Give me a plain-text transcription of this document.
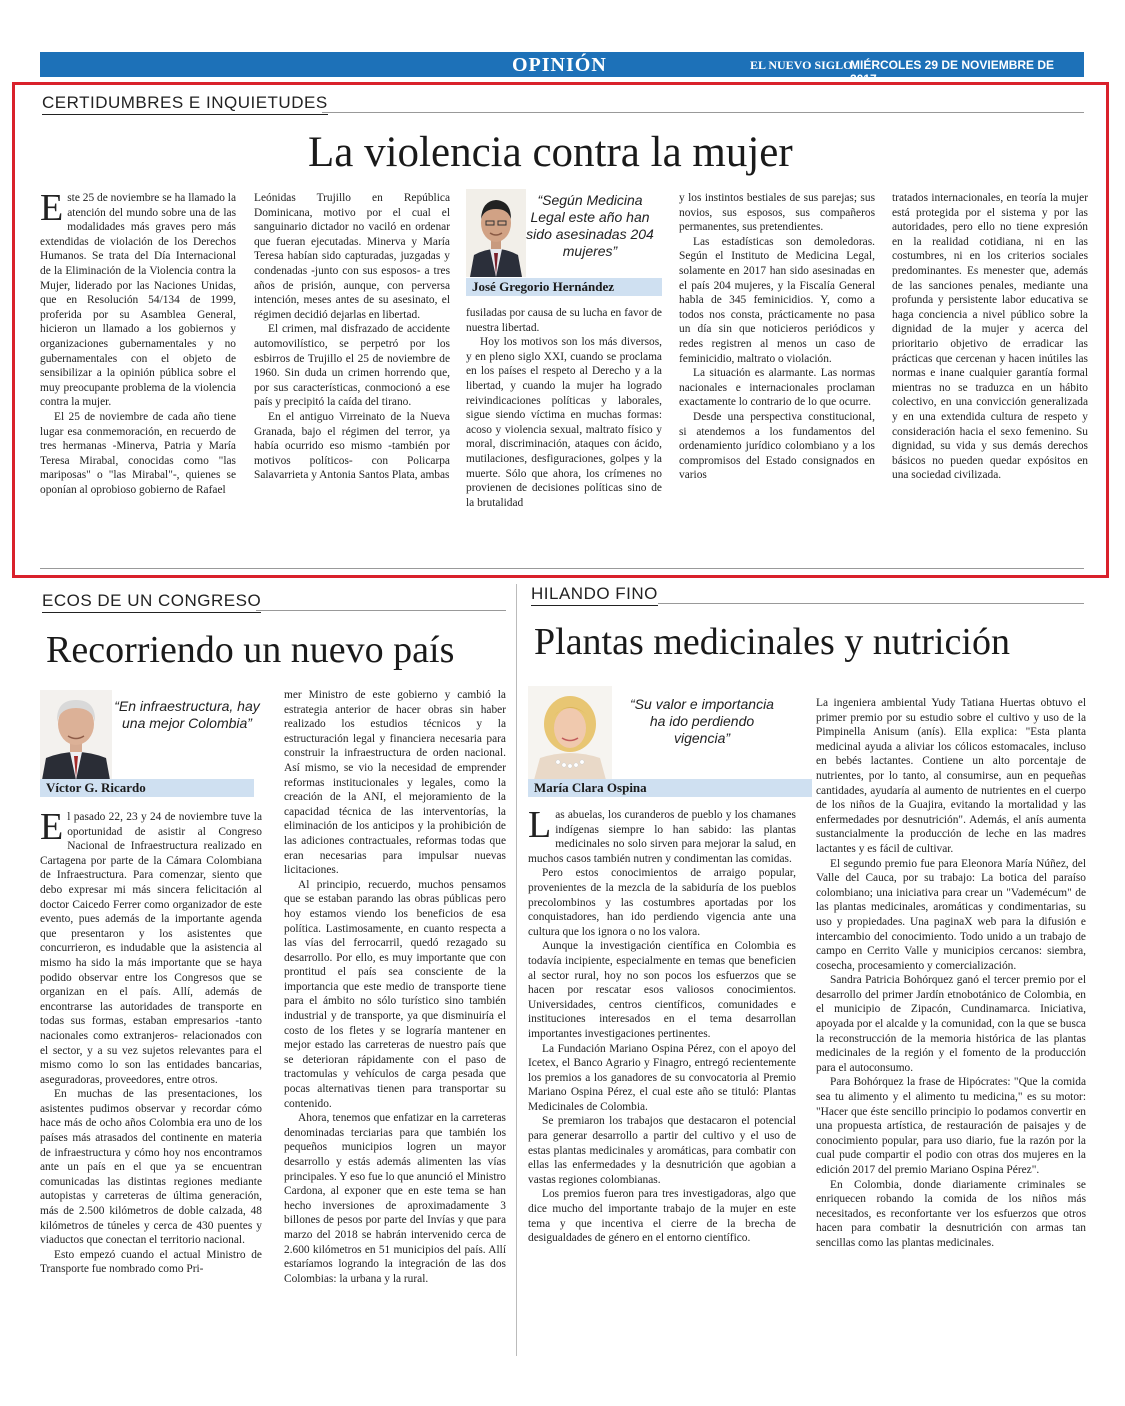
OPINIÓN	EL NUEVO SIGLO
MIÉRCOLES 29 DE NOVIEMBRE DE 2017
9A
CERTIDUMBRES E INQUIETUDES
La violencia contra la mujer
E ste 25 de noviembre se ha llamado la atención del mundo sobre una de las modalidades más graves pero más extendidas de violación de los Derechos Humanos. Se trata del Día Internacional de la Eliminación de la Violencia contra la Mujer, liderado por las Naciones Unidas, que en Resolución 54/134 de 1999, proferida por su Asamblea General, hicieron un llamado a los gobiernos y organizaciones gubernamentales y no gubernamentales con el objeto de sensibilizar a la opinión pública sobre el muy preocupante problema de la violencia contra la mujer.

El 25 de noviembre de cada año tiene lugar esa conmemoración, en recuerdo de tres hermanas -Minerva, Patria y María Teresa Mirabal, conocidas como "las mariposas" o "las Mirabal"-, quienes se oponían al oprobioso gobierno de Rafael

Leónidas Trujillo en República Dominicana, motivo por el cual el sanguinario dictador no vaciló en ordenar que fueran ejecutadas. Minerva y María Teresa habían sido capturadas, juzgadas y condenadas -junto con sus esposos- a tres años de prisión, aunque, con perversa intención, meses antes de su asesinato, el régimen decidió dejarlas en libertad.

El crimen, mal disfrazado de accidente automovilístico, se perpetró por los esbirros de Trujillo el 25 de noviembre de 1960. Sin duda un crimen horrendo que, por sus características, conmocionó a ese país y precipitó la caída del tirano.

En el antiguo Virreinato de la Nueva Granada, bajo el régimen del terror, ya había ocurrido eso mismo -también por motivos políticos- con Policarpa Salavarrieta y Antonia Santos Plata, ambas

“Según Medicina Legal este año han sido asesinadas 204 mujeres”
José Gregorio Hernández

fusiladas por causa de su lucha en favor de nuestra libertad.

Hoy los motivos son los más diversos, y en pleno siglo XXI, cuando se proclama en los países el respeto al Derecho y a la libertad, y cuando la mujer ha logrado reivindicaciones políticas y laborales, sigue siendo víctima en muchas formas: acoso y violencia sexual, maltrato físico y moral, discriminación, ataques con ácido, mutilaciones, desfiguraciones, golpes y la muerte. Sólo que ahora, los crímenes no provienen de decisiones políticas sino de la brutalidad

y los instintos bestiales de sus parejas; sus novios, sus esposos, sus compañeros permanentes, sus pretendientes.

Las estadísticas son demoledoras. Según el Instituto de Medicina Legal, solamente en 2017 han sido asesinadas en el país 204 mujeres, y la Fiscalía General habla de 345 feminicidios. Y, como a todos nos consta, prácticamente no pasa un día sin que noticieros periódicos y redes registren al menos un caso de feminicidio, maltrato o violación.

La situación es alarmante. Las normas nacionales e internacionales proclaman exactamente lo contrario de lo que ocurre.

Desde una perspectiva constitucional, si atendemos a los fundamentos del ordenamiento jurídico colombiano y a los compromisos del Estado consignados en varios

tratados internacionales, en teoría la mujer está protegida por el sistema y por las autoridades, pero ello no tiene expresión en la realidad cotidiana, ni en las costumbres, ni en los criterios sociales predominantes. Es menester que, además de las sanciones penales, mediante una profunda y persistente labor educativa se haga conciencia a nivel público sobre la dignidad de la mujer y acerca del prioritario objetivo de erradicar las prácticas que cercenan y hacen inútiles las normas e inane cualquier garantía formal mientras no se traduzca en un hábito colectivo, en una convicción generalizada y en una extendida cultura de respeto y consideración hacia el sexo femenino. Su dignidad, su vida y sus demás derechos básicos no pueden quedar expósitos en una sociedad civilizada.

ECOS DE UN CONGRESO
Recorriendo un nuevo país
“En infraestructura, hay una mejor Colombia”
Víctor G. Ricardo
E l pasado 22, 23 y 24 de noviembre tuve la oportunidad de asistir al Congreso Nacional de Infraestructura realizado en Cartagena por parte de la Cámara Colombiana de Infraestructura. Para comenzar, siento que debo expresar mi más sincera felicitación al doctor Caicedo Ferrer como organizador de este evento, pues además de la importante agenda que presentaron y los asistentes que concurrieron, es indudable que la asistencia al mismo ha sido la más importante que se haya podido observar entre los Congresos que se organizan en el país. Allí, además de encontrarse las autoridades de transporte en todas sus formas, estaban empresarios -tanto nacionales como extranjeros- relacionados con el sector, y a su vez sujetos relevantes para el mismo como lo son las entidades bancarias, aseguradoras, proveedores, entre otros.

En muchas de las presentaciones, los asistentes pudimos observar y recordar cómo hace más de ocho años Colombia era uno de los países más atrasados del continente en materia de infraestructura y cómo hoy nos encontramos ante un país en el que ya se encuentran comunicadas las distintas regiones mediante autopistas y carreteras de última generación, más de 2.500 kilómetros de doble calzada, 48 kilómetros de túneles y cerca de 430 puentes y viaductos que conectan el territorio nacional.

Esto empezó cuando el actual Ministro de Transporte fue nombrado como Pri-

mer Ministro de este gobierno y cambió la estrategia anterior de hacer obras sin haber realizado los estudios técnicos y la estructuración legal y financiera necesaria para construir la infraestructura de orden nacional. Así mismo, se vio la necesidad de emprender reformas institucionales y legales, como la creación de la ANI, el mejoramiento de la capacidad técnica de las interventorías, la eliminación de los anticipos y la prohibición de las adiciones contractuales, reformas todas que eran necesarias para impulsar nuevas licitaciones.

Al principio, recuerdo, muchos pensamos que se estaban parando las obras públicas pero hoy estamos viendo los beneficios de esa política. Lastimosamente, en cuanto respecta a las vías del ferrocarril, quedó rezagado su desarrollo. Por ello, es muy importante que con prontitud el país sea consciente de la importancia que este medio de transporte tiene para el ámbito no sólo turístico sino también industrial y de transporte, ya que disminuiría el costo de los fletes y se lograría mantener en mejor estado las carreteras de nuestro país que se deterioran rápidamente con el paso de tractomulas y vehículos de carga pesada que pocas alternativas tienen para transportar su contenido.

Ahora, tenemos que enfatizar en la carreteras denominadas terciarias para que también los pequeños municipios logren un mayor desarrollo y estás además alimenten las vías principales. Y eso fue lo que anunció el Ministro Cardona, al exponer que en este tema se han hecho inversiones de aproximadamente 3 billones de pesos por parte del Invías y que para marzo del 2018 se habrán intervenido cerca de 2.600 kilómetros en 51 municipios del país. Allí estaríamos logrando la integración de las dos Colombias: la urbana y la rural.

HILANDO FINO
Plantas medicinales y nutrición
“Su valor e importancia ha ido perdiendo vigencia”
María Clara Ospina
L as abuelas, los curanderos de pueblo y los chamanes indígenas siempre lo han sabido: las plantas medicinales no solo sirven para mejorar la salud, en muchos casos también nutren y condimentan las comidas.

Pero estos conocimientos de arraigo popular, provenientes de la mezcla de la sabiduría de los pueblos precolombinos y las costumbres aportadas por los conquistadores, han ido perdiendo vigencia ante una cultura que los ignora o no los valora.

Aunque la investigación científica en Colombia es todavía incipiente, especialmente en temas que beneficien al sector rural, hoy no son pocos los esfuerzos que se hacen por rescatar esos valiosos conocimientos. Universidades, centros científicos, comunidades e instituciones interesados en el tema desarrollan importantes investigaciones pertinentes.

La Fundación Mariano Ospina Pérez, con el apoyo del Icetex, el Banco Agrario y Finagro, entregó recientemente los premios a los ganadores de su convocatoria al Premio Mariano Ospina Pérez, el cual este año se tituló: Plantas Medicinales de Colombia.

Se premiaron los trabajos que destacaron el potencial para generar desarrollo a partir del cultivo y el uso de estas plantas medicinales y aromáticas, para combatir con ellas las enfermedades y la desnutrición que agobian a vastas regiones colombianas.

Los premios fueron para tres investigadoras, algo que dice mucho del importante trabajo de la mujer en este tema y que incentiva el cierre de la brecha de desigualdades de género en el entorno científico.

La ingeniera ambiental Yudy Tatiana Huertas obtuvo el primer premio por su estudio sobre el cultivo y uso de la Pimpinella Anisum (anís). Ella explica: "Esta planta medicinal ayuda a aliviar los cólicos estomacales, incluso en bebés lactantes. Contiene un alto porcentaje de nutrientes, por lo tanto, al consumirse, aun en pequeñas cantidades, ayudaría al aumento de nutrientes en el cuerpo de los niños de la Guajira, evitando la mortalidad y las enfermedades por desnutrición". Además, el anís aumenta sustancialmente la producción de leche en las madres lactantes y es fácil de cultivar.

El segundo premio fue para Eleonora María Núñez, del Valle del Cauca, por su trabajo: La botica del paraíso colombiano; una iniciativa para crear un "Vademécum" de las plantas medicinales, aromáticas y condimentarias, su uso y propiedades. Una paginaX web para la difusión e intercambio del conocimiento. Todo unido a un trabajo de campo en Cerrito Valle y municipios cercanos: siembra, cosecha, procesamiento y comercialización.

Sandra Patricia Bohórquez ganó el tercer premio por el desarrollo del primer Jardín etnobotánico de Colombia, en el municipio de Zipacón, Cundinamarca. Iniciativa, apoyada por el alcalde y la comunidad, con la que se busca la reconstrucción de la memoria histórica de las plantas medicinales de la región y el fomento de la producción para el autoconsumo.

Para Bohórquez la frase de Hipócrates: "Que la comida sea tu alimento y el alimento tu medicina," es su motor: "Hacer que éste sencillo principio lo podamos convertir en una propuesta artística, de restauración de paisajes y de conocimiento popular, para uso diario, fue la razón por la cual pude compartir el podio con otras dos mujeres en la edición 2017 del premio Mariano Ospina Pérez".

En Colombia, donde diariamente criminales se enriquecen robando la comida de los niños más necesitados, es reconfortante ver los esfuerzos que otros hacen para combatir la desnutrición con armas tan sencillas como las plantas medicinales.
